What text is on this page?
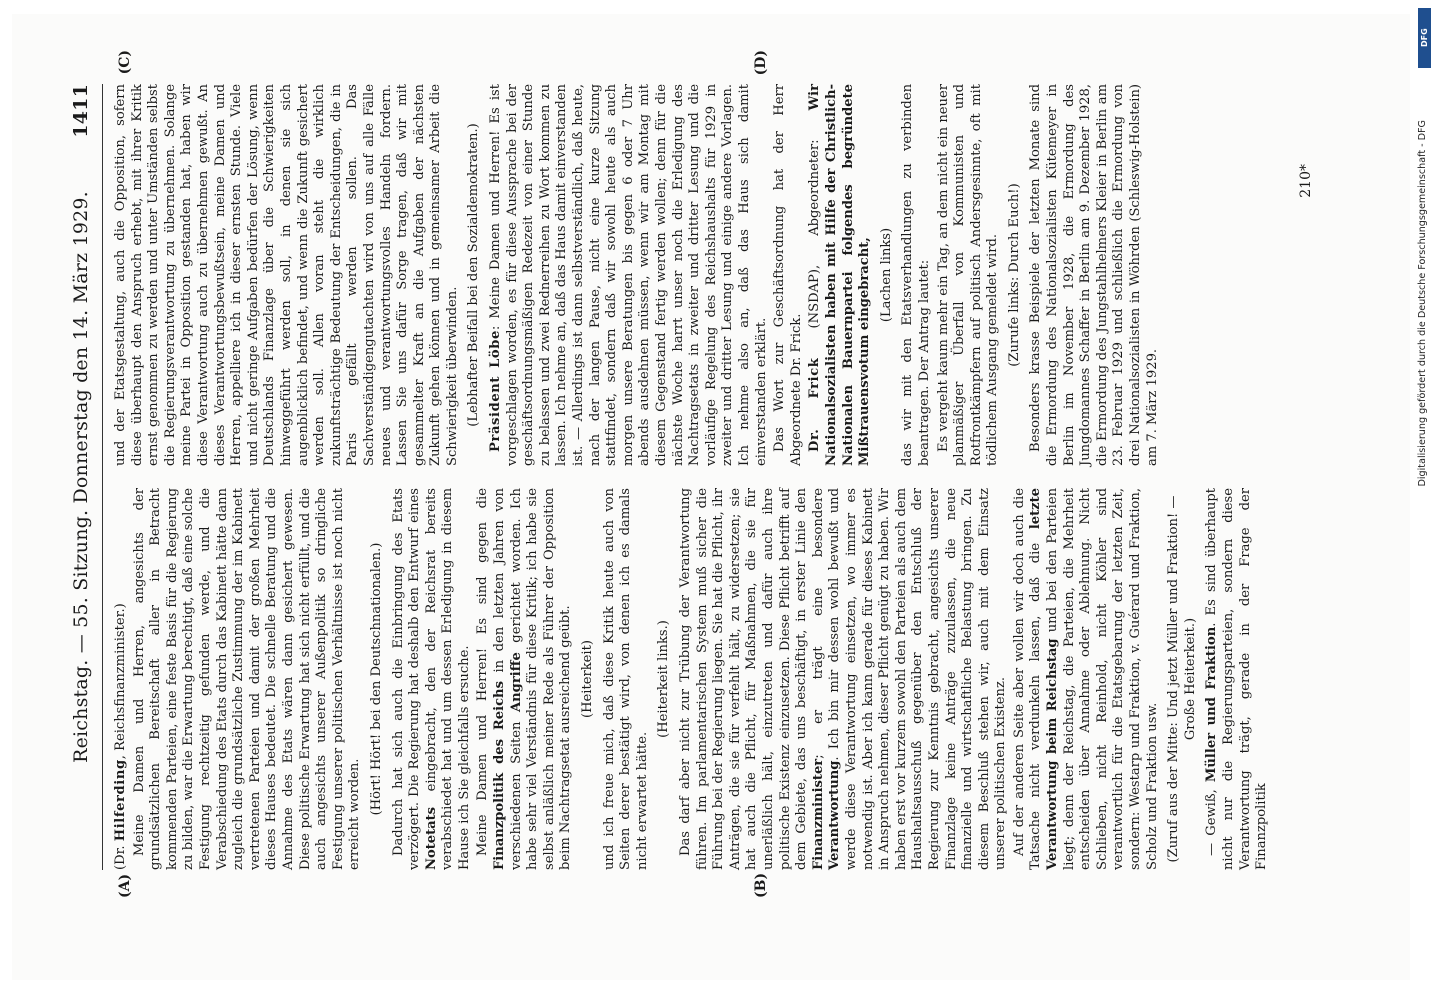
Reichstag. — 55. Sitzung. Donnerstag den 14. März 1929.
1411
(A)	(B)
(C)	(D)

(Dr. Hilferding, Reichsfinanzminister.) Meine Damen und Herren, angesichts der grundsätzlichen Bereitschaft aller in Betracht kommenden Parteien, eine feste Basis für die Regierung zu bilden, war die Erwartung berechtigt, daß eine solche Festigung rechtzeitig gefunden werde, und die Verabschiedung des Etats durch das Kabinett hätte dann zugleich die grundsätzliche Zustimmung der im Kabinett vertretenen Parteien und damit der großen Mehrheit dieses Hauses bedeutet. Die schnelle Beratung und die Annahme des Etats wären dann gesichert gewesen. Diese politische Erwartung hat sich nicht erfüllt, und die auch angesichts unserer Außenpolitik so dringliche Festigung unserer politischen Verhältnisse ist noch nicht erreicht worden. (Hört! Hört! bei den Deutschnationalen.) Dadurch hat sich auch die Einbringung des Etats verzögert. Die Regierung hat deshalb den Entwurf eines Notetats eingebracht, den der Reichsrat bereits verabschiedet hat und um dessen Erledigung in diesem Hause ich Sie gleichfalls ersuche. Meine Damen und Herren! Es sind gegen die Finanzpolitik des Reichs in den letzten Jahren von verschiedenen Seiten Angriffe gerichtet worden. Ich habe sehr viel Verständnis für diese Kritik; ich habe sie selbst anläßlich meiner Rede als Führer der Opposition beim Nachtragsetat ausreichend geübt. (Heiterkeit) und ich freue mich, daß diese Kritik heute auch von Seiten derer bestätigt wird, von denen ich es damals nicht erwartet hätte.

(Heiterkeit links.) Das darf aber nicht zur Trübung der Verantwortung führen. Im parlamentarischen System muß sicher die Führung bei der Regierung liegen. Sie hat die Pflicht, ihr Anträgen, die sie für verfehlt hält, zu widersetzen; sie hat auch die Pflicht, für Maßnahmen, die sie für unerläßlich hält, einzutreten und dafür auch ihre politische Existenz einzusetzen. Diese Pflicht betrifft auf dem Gebiete, das uns beschäftigt, in erster Linie den Finanzminister; er trägt eine besondere Verantwortung. Ich bin mir dessen wohl bewußt und werde diese Verantwortung einsetzen, wo immer es notwendig ist. Aber ich kann gerade für dieses Kabinett in Anspruch nehmen, dieser Pflicht genügt zu haben. Wir haben erst vor kurzem sowohl den Parteien als auch dem Haushaltsausschuß gegenüber den Entschluß der Regierung zur Kenntnis gebracht, angesichts unserer Finanzlage keine Anträge zuzulassen, die neue finanzielle und wirtschaftliche Belastung bringen. Zu diesem Beschluß stehen wir, auch mit dem Einsatz unserer politischen Existenz. Auf der anderen Seite aber wollen wir doch auch die Tatsache nicht verdunkeln lassen, daß die letzte Verantwortung beim Reichstag und bei den Parteien liegt; denn der Reichstag, die Parteien, die Mehrheit entscheiden über Annahme oder Ablehnung. Nicht Schlieben, nicht Reinhold, nicht Köhler sind verantwortlich für die Etatsgebarung der letzten Zeit, sondern: Westarp und Fraktion, v. Guérard und Fraktion, Scholz und Fraktion usw. (Zuruf aus der Mitte: Und jetzt Müller und Fraktion! — Große Heiterkeit.)

— Gewiß, Müller und Fraktion. Es sind überhaupt nicht nur die Regierungsparteien, sondern diese Verantwortung trägt, gerade in der Frage der Finanzpolitik

und der Etatsgestaltung, auch die Opposition, sofern diese überhaupt den Anspruch erhebt, mit ihrer Kritik ernst genommen zu werden und unter Umständen selbst die Regierungsverantwortung zu übernehmen. Solange meine Partei in Opposition gestanden hat, haben wir diese Verantwortung auch zu übernehmen gewußt. An dieses Verantwortungsbewußtsein, meine Damen und Herren, appelliere ich in dieser ernsten Stunde. Viele und nicht geringe Aufgaben bedürfen der Lösung, wenn Deutschlands Finanzlage über die Schwierigkeiten hinweggeführt werden soll, in denen sie sich augenblicklich befindet, und wenn die Zukunft gesichert werden soll. Allen voran steht die wirklich zukunftsträchtige Bedeutung der Entscheidungen, die in Paris gefällt werden sollen. Das Sachverständigengutachten wird von uns auf alle Fälle neues und verantwortungsvolles Handeln fordern. Lassen Sie uns dafür Sorge tragen, daß wir mit gesammelter Kraft an die Aufgaben der nächsten Zukunft gehen können und in gemeinsamer Arbeit die Schwierigkeit überwinden. (Lebhafter Beifall bei den Sozialdemokraten.) Präsident Löbe: Meine Damen und Herren! Es ist vorgeschlagen worden, es für diese Aussprache bei der geschäftsordnungsmäßigen Redezeit von einer Stunde zu belassen und zwei Rednerreihen zu Wort kommen zu lassen. Ich nehme an, daß das Haus damit einverstanden ist. — Allerdings ist dann selbstverständlich, daß heute, nach der langen Pause, nicht eine kurze Sitzung stattfindet, sondern daß wir sowohl heute als auch morgen unsere Beratungen bis gegen 6 oder 7 Uhr abends ausdehnen müssen, wenn wir am Montag mit diesem Gegenstand fertig werden wollen; denn für die nächste Woche harrt unser noch die Erledigung des Nachtragsetats in zweiter und dritter Lesung und die vorläufige Regelung des Reichshaushalts für 1929 in zweiter und dritter Lesung und einige andere Vorlagen. Ich nehme also an, daß das Haus sich damit einverstanden erklärt. Das Wort zur Geschäftsordnung hat der Herr Abgeordnete Dr. Frick. Dr. Frick (NSDAP), Abgeordneter: Wir Nationalsozialisten haben mit Hilfe der Christlich-Nationalen Bauernpartei folgendes begründete Mißtrauensvotum eingebracht, (Lachen links) das wir mit den Etatsverhandlungen zu verbinden beantragen. Der Antrag lautet: Es vergeht kaum mehr ein Tag, an dem nicht ein neuer planmäßiger Überfall von Kommunisten und Rotfrontkämpfern auf politisch Andersgesinnte, oft mit tödlichem Ausgang gemeldet wird. (Zurufe links: Durch Euch!) Besonders krasse Beispiele der letzten Monate sind die Ermordung des Nationalsozialisten Kütemeyer in Berlin im November 1928, die Ermordung des Jungdomannes Schaffer in Berlin am 9. Dezember 1928, die Ermordung des Jungstahlhelmers Kleier in Berlin am 23. Februar 1929 und schließlich die Ermordung von drei Nationalsozialisten in Wöhrden (Schleswig-Holstein) am 7. März 1929.

210*
DFG
Digitalisierung gefördert durch die Deutsche Forschungsgemeinschaft - DFG
